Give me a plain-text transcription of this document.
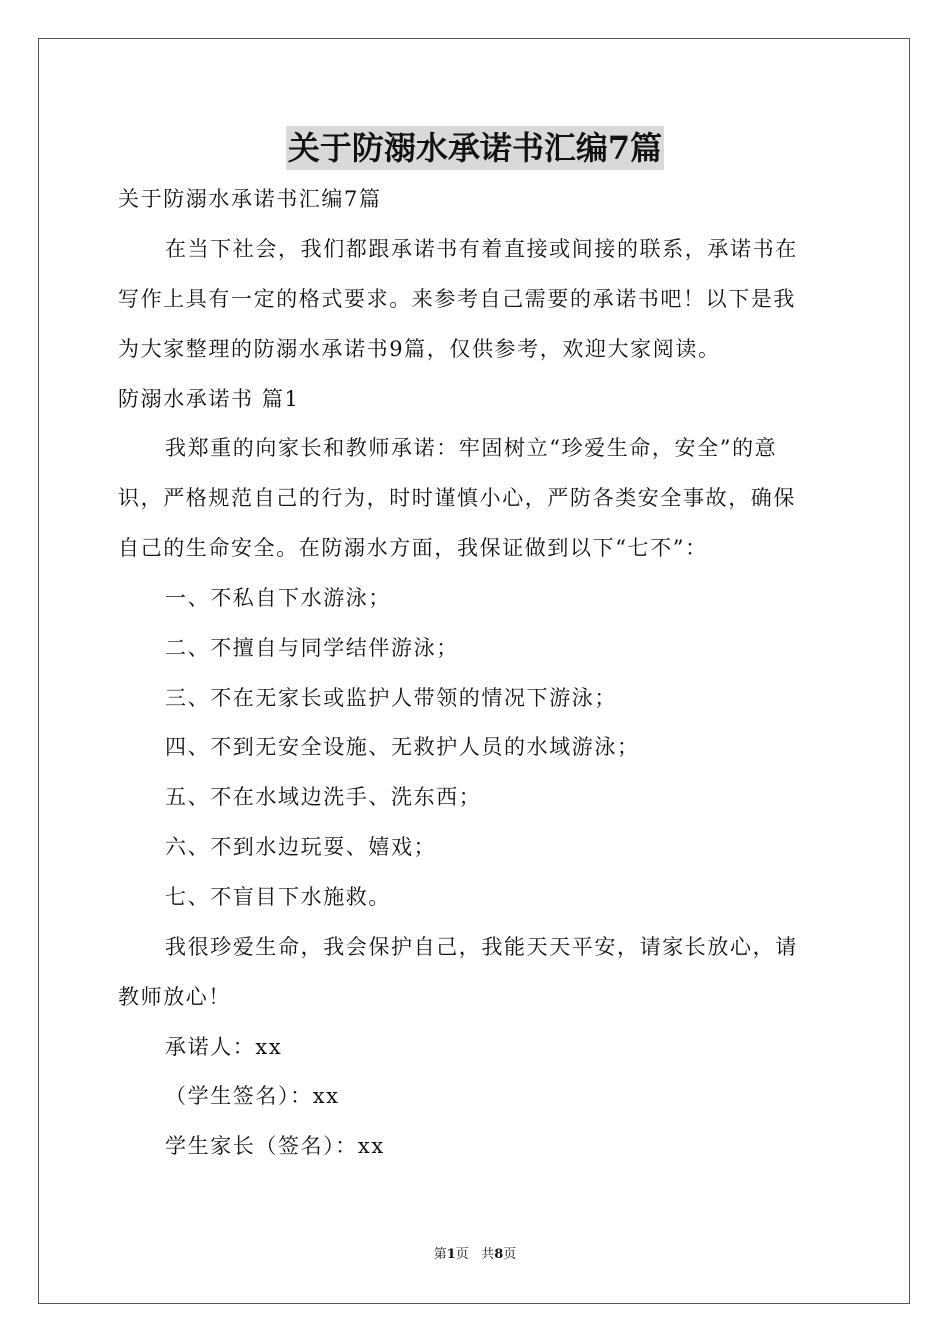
关于防溺水承诺书汇编7篇
关于防溺水承诺书汇编7篇
在当下社会，我们都跟承诺书有着直接或间接的联系，承诺书在
写作上具有一定的格式要求。来参考自己需要的承诺书吧！以下是我
为大家整理的防溺水承诺书9篇，仅供参考，欢迎大家阅读。
防溺水承诺书 篇1
我郑重的向家长和教师承诺：牢固树立“珍爱生命，安全”的意
识，严格规范自己的行为，时时谨慎小心，严防各类安全事故，确保
自己的生命安全。在防溺水方面，我保证做到以下“七不”：
一、不私自下水游泳；
二、不擅自与同学结伴游泳；
三、不在无家长或监护人带领的情况下游泳；
四、不到无安全设施、无救护人员的水域游泳；
五、不在水域边洗手、洗东西；
六、不到水边玩耍、嬉戏；
七、不盲目下水施救。
我很珍爱生命，我会保护自己，我能天天平安，请家长放心，请
教师放心！
承诺人：xx
（学生签名）：xx
学生家长（签名）：xx
第1页 共8页
